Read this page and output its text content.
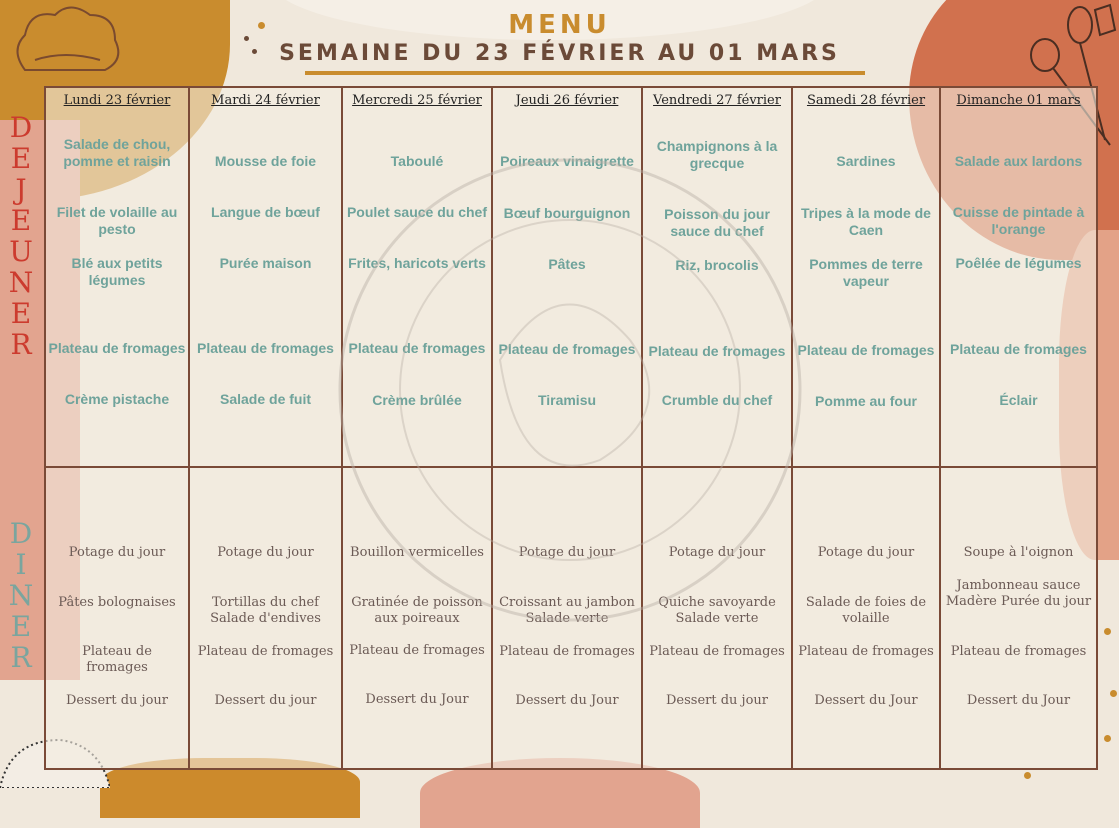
MENU
SEMAINE DU 23 FÉVRIER AU 01 MARS
D
E
J
E
U
N
E
R
D
I
N
E
R
Lundi 23 février
Salade de chou, pomme et raisin
Filet de volaille au pesto
Blé aux petits légumes
Plateau de fromages
Crème pistache
Mardi 24 février
Mousse de foie
Langue de bœuf
Purée maison
Plateau de fromages
Salade de fuit
Mercredi 25 février
Taboulé
Poulet sauce du chef
Frites, haricots verts
Plateau de fromages
Crème brûlée
Jeudi 26 février
Poireaux vinaigrette
Bœuf bourguignon
Pâtes
Plateau de fromages
Tiramisu
Vendredi 27 février
Champignons à la grecque
Poisson du jour sauce du chef
Riz, brocolis
Plateau de fromages
Crumble du chef
Samedi 28 février
Sardines
Tripes à la mode de Caen
Pommes de terre vapeur
Plateau de fromages
Pomme au four
Dimanche 01 mars
Salade aux lardons
Cuisse de pintade à l'orange
Poêlée de légumes
Plateau de fromages
Éclair
Potage du jour
Pâtes bolognaises
Plateau de fromages
Dessert du jour
Potage du jour
Tortillas du chef Salade d'endives
Plateau de fromages
Dessert du jour
Bouillon vermicelles
Gratinée de poisson aux poireaux
Plateau de fromages
Dessert du Jour
Potage du jour
Croissant au jambon Salade verte
Plateau de fromages
Dessert du Jour
Potage du jour
Quiche savoyarde Salade verte
Plateau de fromages
Dessert du jour
Potage du jour
Salade de foies de volaille
Plateau de fromages
Dessert du Jour
Soupe à l'oignon
Jambonneau sauce Madère Purée du jour
Plateau de fromages
Dessert du Jour
